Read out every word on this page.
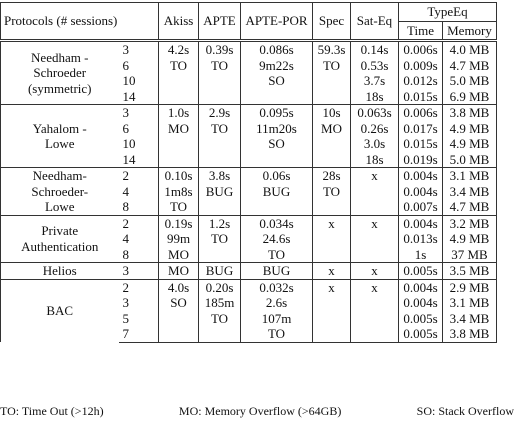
Protocols (# sessions)		Akiss	APTE	APTE-POR	Spec	Sat-Eq	TypeEq	
							Time	Memory

Needham -
Schroeder
(symmetric)	3	4.2s	0.39s	0.086s	59.3s	0.14s	0.006s	4.0 MB
	6	TO	TO	9m22s	TO	0.53s	0.009s	4.7 MB
	10			SO		3.7s	0.012s	5.0 MB
	14					18s	0.015s	6.9 MB

Yahalom -
Lowe	3	1.0s	2.9s	0.095s	10s	0.063s	0.006s	3.8 MB
	6	MO	TO	11m20s	MO	0.26s	0.017s	4.9 MB
	10			SO		3.0s	0.015s	4.9 MB
	14					18s	0.019s	5.0 MB

Needham-
Schroeder-
Lowe	2	0.10s	3.8s	0.06s	28s	x	0.004s	3.1 MB
	4	1m8s	BUG	BUG	TO		0.004s	3.4 MB
	8	TO					0.007s	4.7 MB

Private
Authentication	2	0.19s	1.2s	0.034s	x	x	0.004s	3.2 MB
	4	99m	TO	24.6s			0.013s	4.9 MB
	8	MO		TO			1s	37 MB

Helios	3	MO	BUG	BUG	x	x	0.005s	3.5 MB

BAC	2	4.0s	0.20s	0.032s	x	x	0.004s	2.9 MB
	3	SO	185m	2.6s			0.004s	3.1 MB
	5		TO	107m			0.005s	3.4 MB
	7			TO			0.005s	3.8 MB
TO: Time Out (>12h)	MO: Memory Overflow (>64GB)	SO: Stack Overflow
